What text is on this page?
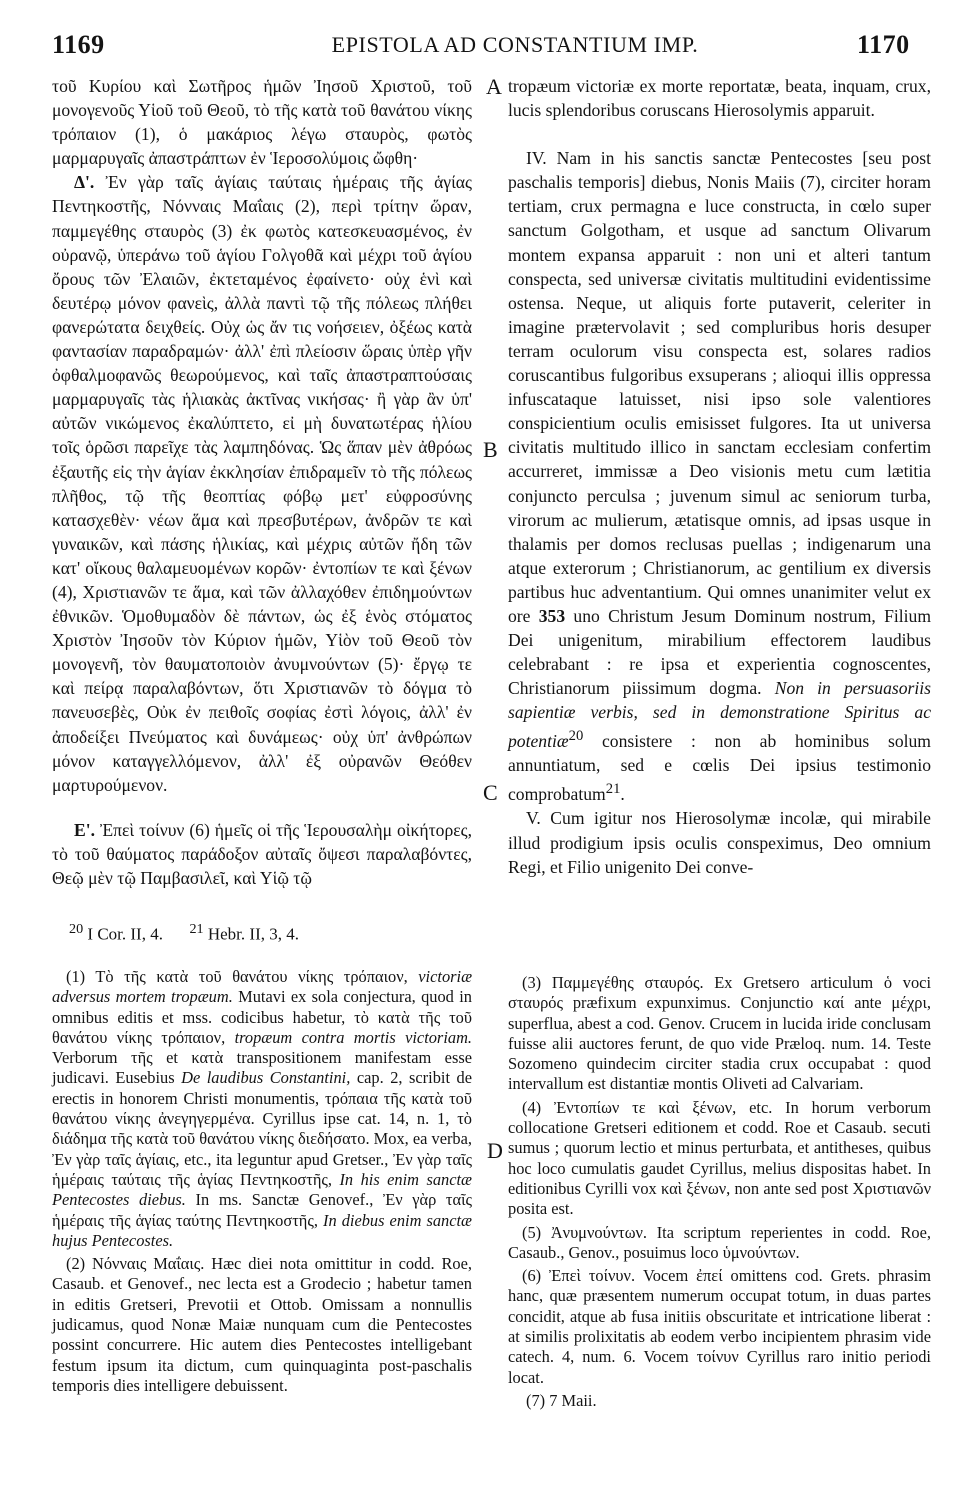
1169	EPISTOLA AD CONSTANTIUM IMP.	1170
A
B
C
D

τοῦ Κυρίου καὶ Σωτῆρος ἡμῶν Ἰησοῦ Χριστοῦ, τοῦ μονογενοῦς Υἱοῦ τοῦ Θεοῦ, τὸ τῆς κατὰ τοῦ θανάτου νίκης τρόπαιον (1), ὁ μακάριος λέγω σταυρὸς, φωτὸς μαρμαρυγαῖς ἀπαστράπτων ἐν Ἱεροσολύμοις ὤφθη·

Δ'. Ἐν γὰρ ταῖς ἁγίαις ταύταις ἡμέραις τῆς ἁγίας Πεντηκοστῆς, Νόνναις Μαΐαις (2), περὶ τρίτην ὥραν, παμμεγέθης σταυρὸς (3) ἐκ φωτὸς κατεσκευασμένος, ἐν οὐρανῷ, ὑπεράνω τοῦ ἁγίου Γολγοθᾶ καὶ μέχρι τοῦ ἁγίου ὄρους τῶν Ἐλαιῶν, ἐκτεταμένος ἐφαίνετο· οὐχ ἑνὶ καὶ δευτέρῳ μόνον φανεὶς, ἀλλὰ παντὶ τῷ τῆς πόλεως πλήθει φανερώτατα δειχθείς. Οὐχ ὡς ἄν τις νοήσειεν, ὀξέως κατὰ φαντασίαν παραδραμών· ἀλλ' ἐπὶ πλείοσιν ὥραις ὑπὲρ γῆν ὀφθαλμοφανῶς θεωρούμενος, καὶ ταῖς ἀπαστραπτούσαις μαρμαρυγαῖς τὰς ἡλιακὰς ἀκτῖνας νικήσας· ἢ γὰρ ἂν ὑπ' αὐτῶν νικώμενος ἐκαλύπτετο, εἰ μὴ δυνατωτέρας ἡλίου τοῖς ὁρῶσι παρεῖχε τὰς λαμπηδόνας. Ὡς ἅπαν μὲν ἀθρόως ἐξαυτῆς εἰς τὴν ἁγίαν ἐκκλησίαν ἐπιδραμεῖν τὸ τῆς πόλεως πλῆθος, τῷ τῆς θεοπτίας φόβῳ μετ' εὐφροσύνης κατασχεθὲν· νέων ἅμα καὶ πρεσβυτέρων, ἀνδρῶν τε καὶ γυναικῶν, καὶ πάσης ἡλικίας, καὶ μέχρις αὐτῶν ἤδη τῶν κατ' οἴκους θαλαμευομένων κορῶν· ἐντοπίων τε καὶ ξένων (4), Χριστιανῶν τε ἅμα, καὶ τῶν ἀλλαχόθεν ἐπιδημούντων ἐθνικῶν. Ὁμοθυμαδὸν δὲ πάντων, ὡς ἐξ ἑνὸς στόματος Χριστὸν Ἰησοῦν τὸν Κύριον ἡμῶν, Υἱὸν τοῦ Θεοῦ τὸν μονογενῆ, τὸν θαυματοποιὸν ἀνυμνούντων (5)· ἔργῳ τε καὶ πείρᾳ παραλαβόντων, ὅτι Χριστιανῶν τὸ δόγμα τὸ πανευσεβὲς, Οὐκ ἐν πειθοῖς σοφίας ἐστὶ λόγοις, ἀλλ' ἐν ἀποδείξει Πνεύματος καὶ δυνάμεως· οὐχ ὑπ' ἀνθρώπων μόνον καταγγελλόμενον, ἀλλ' ἐξ οὐρανῶν Θεόθεν μαρτυρούμενον.

Ε'. Ἐπεὶ τοίνυν (6) ἡμεῖς οἱ τῆς Ἱερουσαλὴμ οἰκήτορες, τὸ τοῦ θαύματος παράδοξον αὐταῖς ὄψεσι παραλαβόντες, Θεῷ μὲν τῷ Παμβασιλεῖ, καὶ Υἱῷ τῷ

tropæum victoriæ ex morte reportatæ, beata, inquam, crux, lucis splendoribus coruscans Hierosolymis apparuit.

IV. Nam in his sanctis sanctæ Pentecostes [seu post paschalis temporis] diebus, Nonis Maiis (7), circiter horam tertiam, crux permagna e luce constructa, in cœlo super sanctum Golgotham, et usque ad sanctum Olivarum montem expansa apparuit : non uni et alteri tantum conspecta, sed universæ civitatis multitudini evidentissime ostensa. Neque, ut aliquis forte putaverit, celeriter in imagine prætervolavit ; sed compluribus horis desuper terram oculorum visu conspecta est, solares radios coruscantibus fulgoribus exsuperans ; alioqui illis oppressa infuscataque latuisset, nisi ipso sole valentiores conspicientium oculis emisisset fulgores. Ita ut universa civitatis multitudo illico in sanctam ecclesiam confertim accurreret, immissæ a Deo visionis metu cum lætitia conjuncto perculsa ; juvenum simul ac seniorum turba, virorum ac mulierum, ætatisque omnis, ad ipsas usque in thalamis per domos reclusas puellas ; indigenarum una atque exterorum ; Christianorum, ac gentilium ex diversis partibus huc adventantium. Qui omnes unanimiter velut ex ore 353 uno Christum Jesum Dominum nostrum, Filium Dei unigenitum, mirabilium effectorem laudibus celebrabant : re ipsa et experientia cognoscentes, Christianorum piissimum dogma. Non in persuasoriis sapientiæ verbis, sed in demonstratione Spiritus ac potentiæ$^{20}$ consistere : non ab hominibus solum annuntiatum, sed e cœlis Dei ipsius testimonio comprobatum$^{21}$.

V. Cum igitur nos Hierosolymæ incolæ, qui mirabile illud prodigium ipsis oculis conspeximus, Deo omnium Regi, et Filio unigenito Dei conve-

$^{20}$ I Cor. II, 4. $^{21}$ Hebr. II, 3, 4.

(1) Τὸ τῆς κατὰ τοῦ θανάτου νίκης τρόπαιον, victoriæ adversus mortem tropæum. Mutavi ex sola conjectura, quod in omnibus editis et mss. codicibus habetur, τὸ κατὰ τῆς τοῦ θανάτου νίκης τρόπαιον, tropæum contra mortis victoriam. Verborum τῆς et κατὰ transpositionem manifestam esse judicavi. Eusebius De laudibus Constantini, cap. 2, scribit de erectis in honorem Christi monumentis, τρόπαια τῆς κατὰ τοῦ θανάτου νίκης ἀνεγηγερμένα. Cyrillus ipse cat. 14, n. 1, τὸ διάδημα τῆς κατὰ τοῦ θανάτου νίκης διεδήσατο. Mox, ea verba, Ἐν γὰρ ταῖς ἁγίαις, etc., ita leguntur apud Gretser., Ἐν γὰρ ταῖς ἡμέραις ταύταις τῆς ἁγίας Πεντηκοστῆς, In his enim sanctæ Pentecostes diebus. In ms. Sanctæ Genovef., Ἐν γὰρ ταῖς ἡμέραις τῆς ἁγίας ταύτης Πεντηκοστῆς, In diebus enim sanctæ hujus Pentecostes.

(2) Νόνναις Μαΐαις. Hæc diei nota omittitur in codd. Roe, Casaub. et Genovef., nec lecta est a Grodecio ; habetur tamen in editis Gretseri, Prevotii et Ottob. Omissam a nonnullis judicamus, quod Nonæ Maiæ nunquam cum die Pentecostes possint concurrere. Hic autem dies Pentecostes intelligebant festum ipsum ita dictum, cum quinquaginta post-paschalis temporis dies intelligere debuissent.

(3) Παμμεγέθης σταυρός. Ex Gretsero articulum ὁ voci σταυρός præfixum expunximus. Conjunctio καί ante μέχρι, superflua, abest a cod. Genov. Crucem in lucida iride conclusam fuisse alii auctores ferunt, de quo vide Præloq. num. 14. Teste Sozomeno quindecim circiter stadia crux occupabat : quod intervallum est distantiæ montis Oliveti ad Calvariam.

(4) Ἐντοπίων τε καὶ ξένων, etc. In horum verborum collocatione Gretseri editionem et codd. Roe et Casaub. secuti sumus ; quorum lectio et minus perturbata, et antitheses, quibus hoc loco cumulatis gaudet Cyrillus, melius dispositas habet. In editionibus Cyrilli vox καὶ ξένων, non ante sed post Χριστιανῶν posita est.

(5) Ἀνυμνούντων. Ita scriptum reperientes in codd. Roe, Casaub., Genov., posuimus loco ὑμνούντων.

(6) Ἐπεὶ τοίνυν. Vocem ἐπεί omittens cod. Grets. phrasim hanc, quæ præsentem numerum occupat totum, in duas partes concidit, atque ab fusa initiis obscuritate et intricatione liberat : at similis prolixitatis ab eodem verbo incipientem phrasim vide catech. 4, num. 6. Vocem τοίνυν Cyrillus raro initio periodi locat.

(7) 7 Maii.
